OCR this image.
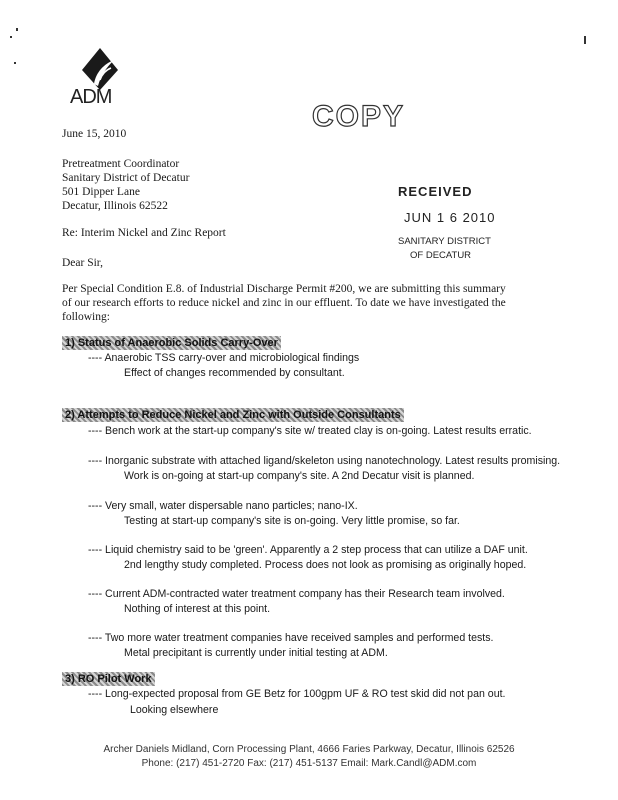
ADM
COPY
RECEIVED
JUN 1 6 2010
SANITARY DISTRICT
OF DECATUR
June 15, 2010
Pretreatment Coordinator
Sanitary District of Decatur
501 Dipper Lane
Decatur, Illinois 62522
Re: Interim Nickel and Zinc Report
Dear Sir,
Per Special Condition E.8. of Industrial Discharge Permit #200, we are submitting this summary
of our research efforts to reduce nickel and zinc in our effluent. To date we have investigated the
following:
1) Status of Anaerobic Solids Carry-Over
---- Anaerobic TSS carry-over and microbiological findings
Effect of changes recommended by consultant.
2) Attempts to Reduce Nickel and Zinc with Outside Consultants
---- Bench work at the start-up company's site w/ treated clay is on-going. Latest results erratic.
---- Inorganic substrate with attached ligand/skeleton using nanotechnology. Latest results promising.
Work is on-going at start-up company's site. A 2nd Decatur visit is planned.
---- Very small, water dispersable nano particles; nano-IX.
Testing at start-up company's site is on-going. Very little promise, so far.
---- Liquid chemistry said to be 'green'. Apparently a 2 step process that can utilize a DAF unit.
2nd lengthy study completed. Process does not look as promising as originally hoped.
---- Current ADM-contracted water treatment company has their Research team involved.
Nothing of interest at this point.
---- Two more water treatment companies have received samples and performed tests.
Metal precipitant is currently under initial testing at ADM.
3) RO Pilot Work
---- Long-expected proposal from GE Betz for 100gpm UF & RO test skid did not pan out.
Looking elsewhere
Archer Daniels Midland, Corn Processing Plant, 4666 Faries Parkway, Decatur, Illinois 62526
Phone: (217) 451-2720 Fax: (217) 451-5137 Email: Mark.Candl@ADM.com
